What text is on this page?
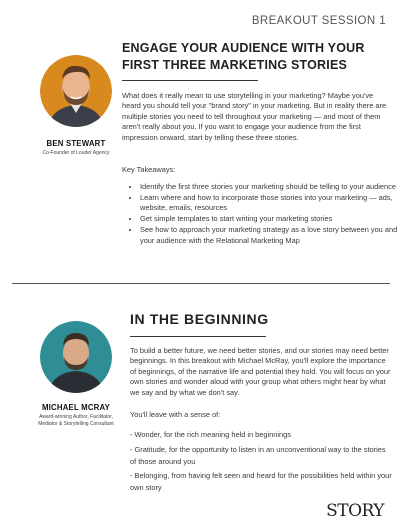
BREAKOUT SESSION 1
ENGAGE YOUR AUDIENCE WITH YOUR
FIRST THREE MARKETING STORIES
BEN STEWART
Co-Founder of Louder Agency
What does it really mean to use storytelling in your marketing? Maybe you've heard you should tell your "brand story" in your marketing. But in reality there are multiple stories you need to tell throughout your marketing — and most of them aren't really about you. If you want to engage your audience from the first impression onward, start by telling these three stories.
Key Takeaways:
• Identify the first three stories your marketing should be telling to your audience
• Learn where and how to incorporate those stories into your marketing — ads, website, emails, resources
• Get simple templates to start writing your marketing stories
• See how to approach your marketing strategy as a love story between you and your audience with the Relational Marketing Map
IN THE BEGINNING
MICHAEL MCRAY
Award-winning Author, Facilitator,
Mediator & Storytelling Consultant
To build a better future, we need better stories, and our stories may need better beginnings. In this breakout with Michael McRay, you'll explore the importance of beginnings, of the narrative life and potential they hold. You will focus on your own stories and wonder aloud with your group what others might hear by what we say and by what we don't say.
You'll leave with a sense of:
- Wonder, for the rich meaning held in beginnings
- Gratitude, for the opportunity to listen in an unconventional way to the stories of those around you
- Belonging, from having felt seen and heard for the possibilities held within your own story
STORY
